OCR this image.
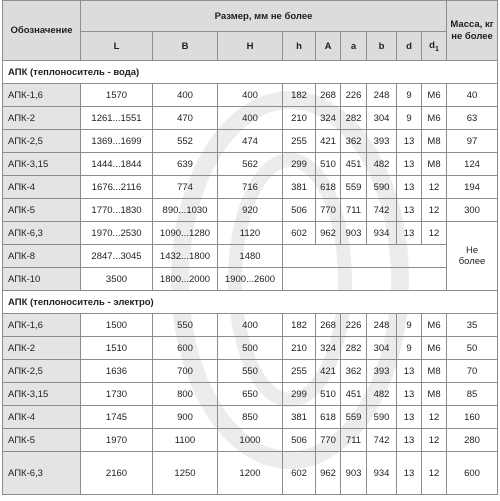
Обозначение	Размер, мм не более									Масса, кг не более
	L	B	H	h	A	a	b	d	$d_1$
АПК (теплоноситель - вода)										
АПК-1,6	1570	400	400	182	268	226	248	9	М6	40
АПК-2	1261...1551	470	400	210	324	282	304	9	М6	63
АПК-2,5	1369...1699	552	474	255	421	362	393	13	М8	97
АПК-3,15	1444...1844	639	562	299	510	451	482	13	М8	124
АПК-4	1676...2116	774	716	381	618	559	590	13	12	194
АПК-5	1770...1830	890...1030	920	506	770	711	742	13	12	300
АПК-6,3	1970...2530	1090...1280	1120	602	962	903	934	13	12	Не более
АПК-8	2847...3045	1432...1800	1480							
АПК-10	3500	1800...2000	1900...2600							
АПК (теплоноситель - электро)										
АПК-1,6	1500	550	400	182	268	226	248	9	М6	35
АПК-2	1510	600	500	210	324	282	304	9	М6	50
АПК-2,5	1636	700	550	255	421	362	393	13	М8	70
АПК-3,15	1730	800	650	299	510	451	482	13	М8	85
АПК-4	1745	900	850	381	618	559	590	13	12	160
АПК-5	1970	1100	1000	506	770	711	742	13	12	280
АПК-6,3	2160	1250	1200	602	962	903	934	13	12	600
